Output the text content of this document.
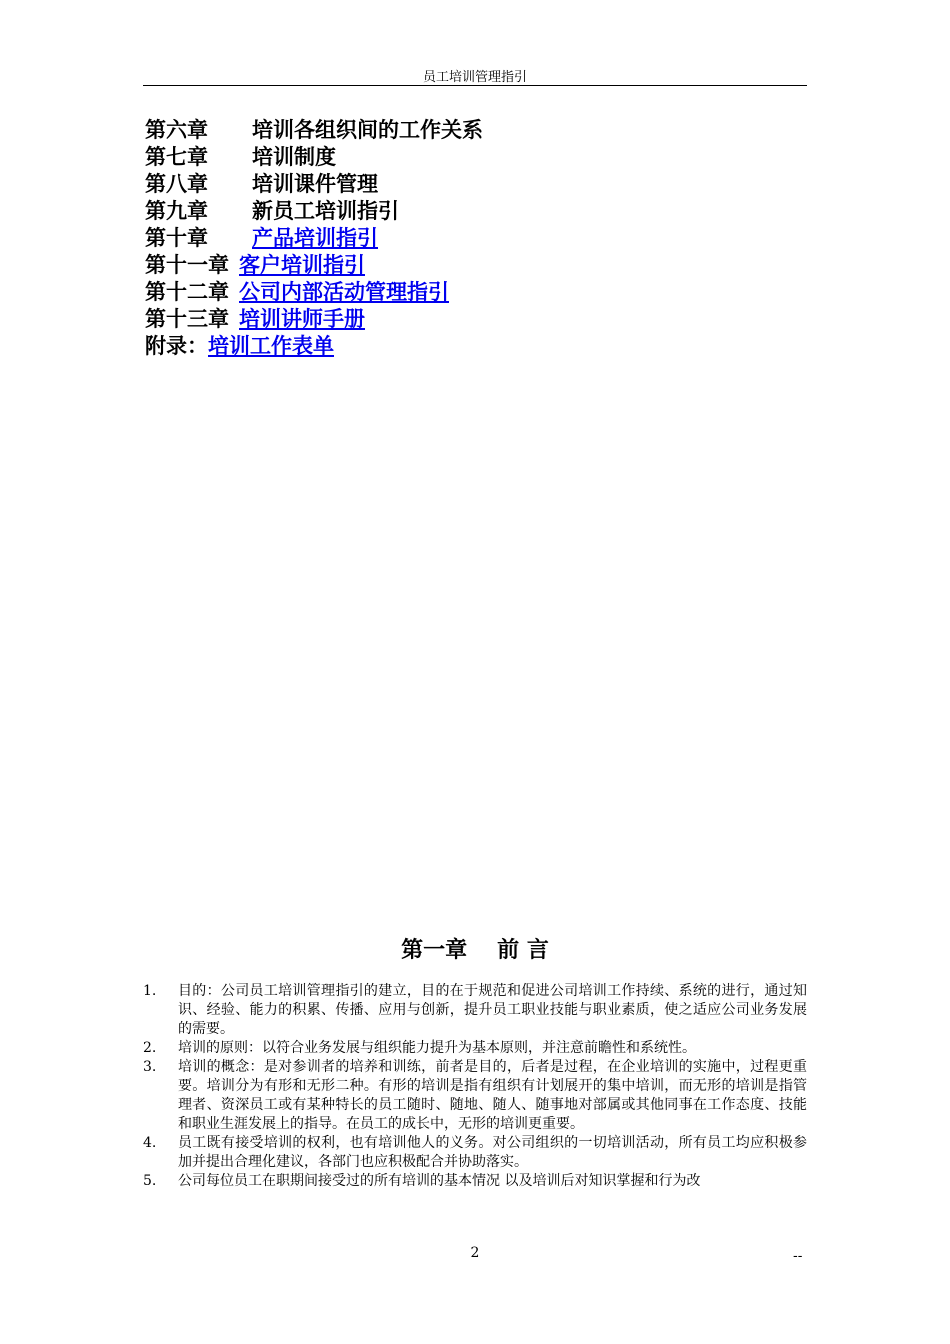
员工培训管理指引
第六章 培训各组织间的工作关系
第七章 培训制度
第八章 培训课件管理
第九章 新员工培训指引
第十章 产品培训指引
第十一章 客户培训指引
第十二章 公司内部活动管理指引
第十三章 培训讲师手册
附录：培训工作表单
第一章 前 言
1.	目的：公司员工培训管理指引的建立，目的在于规范和促进公司培训工作持续、系统的进行，通过知识、经验、能力的积累、传播、应用与创新，提升员工职业技能与职业素质，使之适应公司业务发展的需要。
2.	培训的原则：以符合业务发展与组织能力提升为基本原则，并注意前瞻性和系统性。
3.	培训的概念：是对参训者的培养和训练，前者是目的，后者是过程，在企业培训的实施中，过程更重要。培训分为有形和无形二种。有形的培训是指有组织有计划展开的集中培训，而无形的培训是指管理者、资深员工或有某种特长的员工随时、随地、随人、随事地对部属或其他同事在工作态度、技能和职业生涯发展上的指导。在员工的成长中，无形的培训更重要。
4.	员工既有接受培训的权利，也有培训他人的义务。对公司组织的一切培训活动，所有员工均应积极参加并提出合理化建议，各部门也应积极配合并协助落实。
5.	公司每位员工在职期间接受过的所有培训的基本情况 以及培训后对知识掌握和行为改
2	--
